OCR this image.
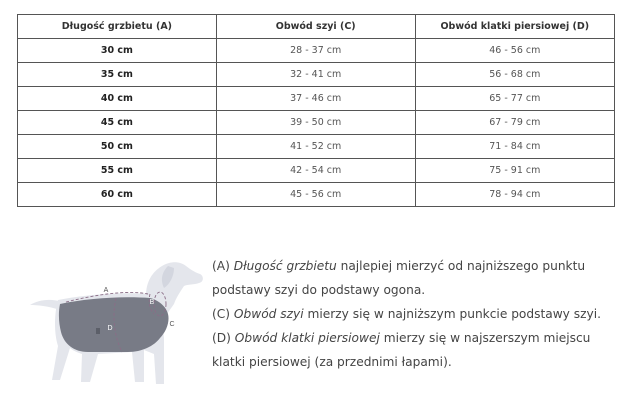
Długość grzbietu (A)	Obwód szyi (C)	Obwód klatki piersiowej (D)
30 cm	28 - 37 cm	46 - 56 cm
35 cm	32 - 41 cm	56 - 68 cm
40 cm	37 - 46 cm	65 - 77 cm
45 cm	39 - 50 cm	67 - 79 cm
50 cm	41 - 52 cm	71 - 84 cm
55 cm	42 - 54 cm	75 - 91 cm
60 cm	45 - 56 cm	78 - 94 cm
A
B
C
D

(A) Długość grzbietu najlepiej mierzyć od najniższego punktu podstawy szyi do podstawy ogona.

(C) Obwód szyi mierzy się w najniższym punkcie podstawy szyi.

(D) Obwód klatki piersiowej mierzy się w najszerszym miejscu klatki piersiowej (za przednimi łapami).
